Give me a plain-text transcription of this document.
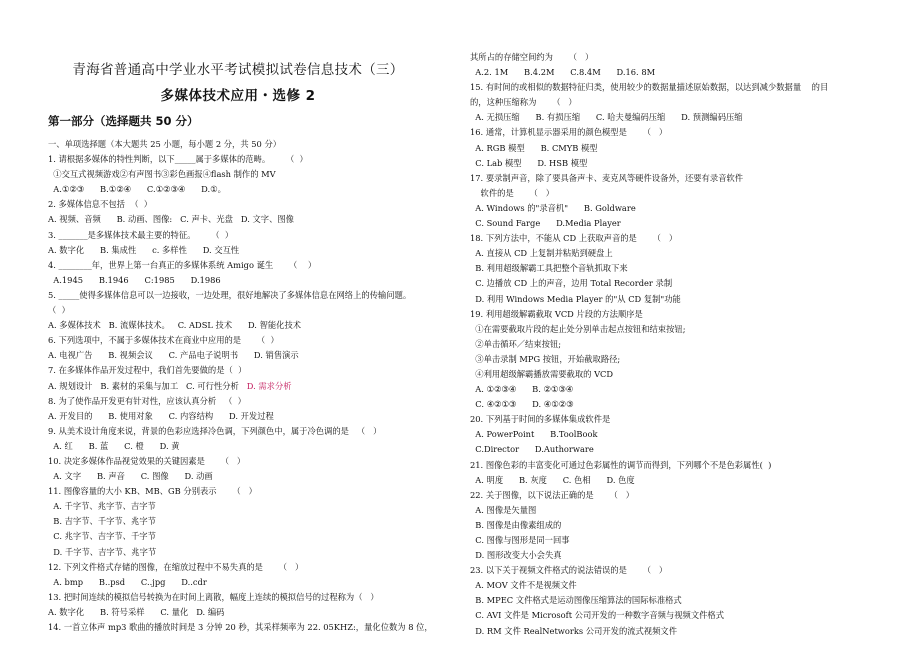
青海省普通高中学业水平考试模拟试卷信息技术（三）
多媒体技术应用・选修 2
第一部分（选择题共 50 分）
一、单项选择题（本大题共 25 小题，每小题 2 分，共 50 分）
1. 请根据多媒体的特性判断，以下_____属于多媒体的范畴。      （  ）
①交互式视频游戏②有声图书③彩色画报④flash 制作的 MV
A.①②③      B.①②④      C.①②③④      D.①。
2. 多媒体信息不包括  （  ）
A. 视频、音频      B. 动画、图像:   C. 声卡、光盘   D. 文字、图像
3. _______是多媒体技术最主要的特征。      （  ）
A. 数字化      B. 集成性      c. 多样性      D. 交互性
4. ________年，世界上第一台真正的多媒体系统 Amigo 诞生      （    ）
A.1945      B.1946      C:1985      D.1986
5. _____使得多媒体信息可以一边接收，一边处理，很好地解决了多媒体信息在网络上的传输问题。
（  ）
A. 多媒体技术   B. 流媒体技术。   C. ADSL 技术      D. 智能化技术
6. 下列选项中，不属于多媒体技术在商业中应用的是      （  ）
A. 电视广告      B. 视频会议      C. 产品电子说明书      D. 销售演示
7. 在多媒体作品开发过程中，我们首先要做的是（  ）
A. 规划设计   B. 素材的采集与加工   C. 可行性分析   D. 需求分析
8. 为了使作品开发更有针对性，应该认真分析   （  ）
A. 开发目的      B. 使用对象      C. 内容结构      D. 开发过程
9. 从美术设计角度来说，背景的色彩应选择冷色调，下列颜色中，属于冷色调的是   （   ）
A. 红      B. 蓝      C. 橙      D. 黄
10. 决定多媒体作品视觉效果的关键因素是      （   ）
A. 文字      B. 声音      C. 图像      D. 动画
11. 图像容量的大小 KB、MB、GB 分别表示      （   ）
A. 千字节、兆字节、吉字节
B. 吉字节、千字节、兆字节
C. 兆字节、吉字节、千字节
D. 千字节、吉字节、兆字节
12. 下列文件格式存储的图像，在缩放过程中不易失真的是      （   ）
A. bmp      B..psd      C..jpg      D..cdr
13. 把时间连续的模拟信号转换为在时间上离散，幅度上连续的模拟信号的过程称为（   ）
A. 数字化      B. 符号采样      C. 量化   D. 编码
14. 一首立体声 mp3 歌曲的播放时间是 3 分钟 20 秒，其采样频率为 22. 05KHZ:，量化位数为 8 位，
其所占的存储空间约为      （   ）
A.2. 1M      B.4.2M      C.8.4M      D.16. 8M
15. 有时间的或相似的数据特征归类，使用较少的数据量描述原始数据，以达到减少数据量    的目
的，这种压缩称为      （   ）
A. 无损压缩      B. 有损压缩      C. 哈夫曼编码压缩      D. 预测编码压缩
16. 通常，计算机显示器采用的颜色模型是      （   ）
A. RGB 模型      B. CMYB 模型
C. Lab 模型      D. HSB 模型
17. 要录制声音，除了要具备声卡、麦克风等硬件设备外，还要有录音软件
软件的是      （   ）
A. Windows 的"录音机"      B. Goldware
C. Sound Farge      D.Media Player
18. 下列方法中，不能从 CD 上获取声音的是      （   ）
A. 直接从 CD 上复制并粘贴到硬盘上
B. 利用超级解霸工具把整个音轨抓取下来
C. 边播放 CD 上的声音，边用 Total Recorder 录制
D. 利用 Windows Media Player 的"从 CD 复制"功能
19. 利用超级解霸截取 VCD 片段的方法顺序是
①在需要截取片段的起止处分别单击起点按钮和结束按钮;
②单击循环／结束按钮;
③单击录制 MPG 按钮，开始截取路径;
④利用超级解霸播放需要截取的 VCD
A. ①②③④      B. ②①③④
C. ④②①③      D. ④①②③
20. 下列基于时间的多媒体集成软件是
A. PowerPoint      B.ToolBook
C.Director      D.Authorware
21. 图像色彩的丰富变化可通过色彩属性的调节而得到，下列哪个不是色彩属性(  )
A. 明度      B. 灰度      C. 色相      D. 色度
22. 关于图像，以下说法正确的是      （   ）
A. 图像是矢量图
B. 图像是由像素组成的
C. 图像与图形是同一回事
D. 图形改变大小会失真
23. 以下关于视频文件格式的说法错误的是      （   ）
A. MOV 文件不是视频文件
B. MPEC 文件格式是运动图像压缩算法的国际标准格式
C. AVI 文件是 Microsoft 公司开发的一种数字音频与视频文件格式
D. RM 文件 RealNetworks 公司开发的流式视频文件
